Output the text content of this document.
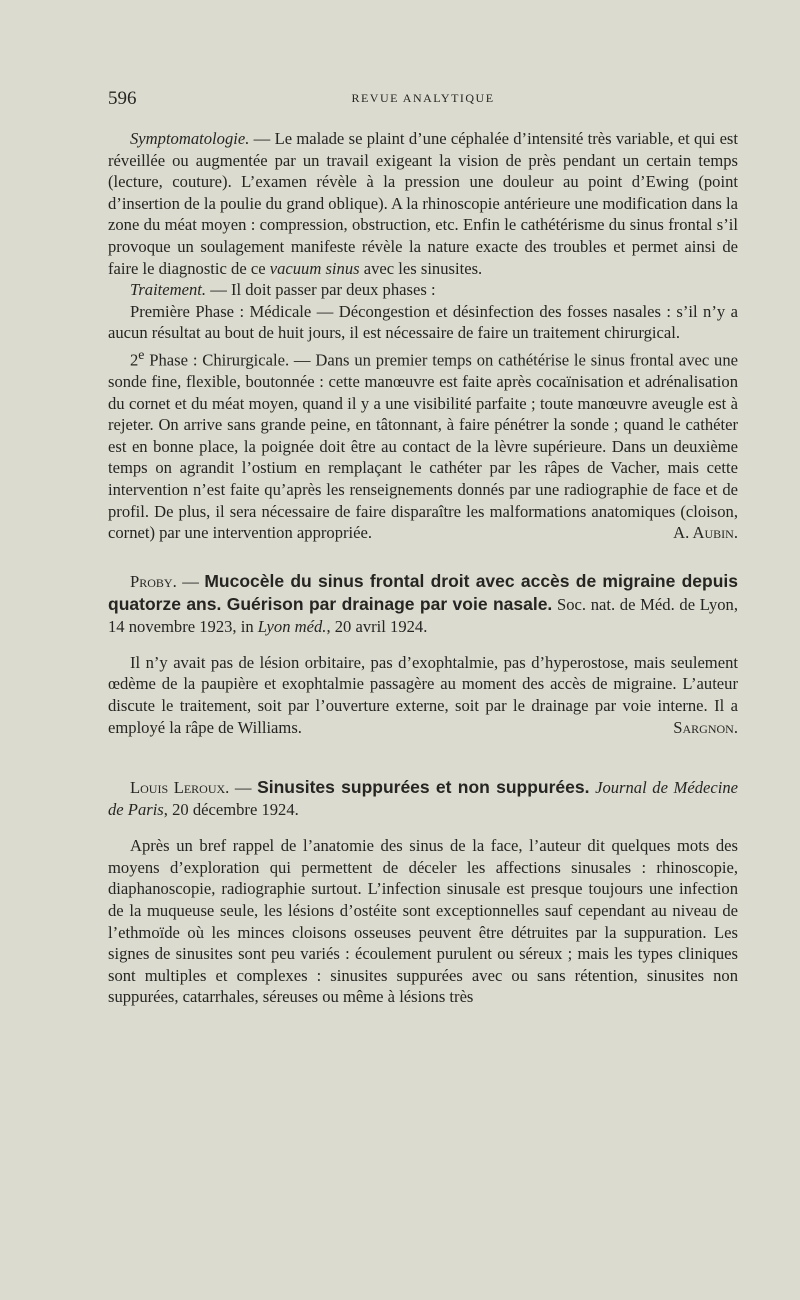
596	REVUE ANALYTIQUE

Symptomatologie. — Le malade se plaint d’une céphalée d’intensité très variable, et qui est réveillée ou augmentée par un travail exigeant la vision de près pendant un certain temps (lecture, couture). L’examen révèle à la pression une douleur au point d’Ewing (point d’insertion de la poulie du grand oblique). A la rhinoscopie antérieure une modification dans la zone du méat moyen : compression, obstruction, etc. Enfin le cathétérisme du sinus frontal s’il provoque un soulagement manifeste révèle la nature exacte des troubles et permet ainsi de faire le diagnostic de ce vacuum sinus avec les sinusites.

Traitement. — Il doit passer par deux phases :

Première Phase : Médicale — Décongestion et désinfection des fosses nasales : s’il n’y a aucun résultat au bout de huit jours, il est nécessaire de faire un traitement chirurgical.

2e Phase : Chirurgicale. — Dans un premier temps on cathétérise le sinus frontal avec une sonde fine, flexible, boutonnée : cette manœuvre est faite après cocaïnisation et adrénalisation du cornet et du méat moyen, quand il y a une visibilité parfaite ; toute manœuvre aveugle est à rejeter. On arrive sans grande peine, en tâtonnant, à faire pénétrer la sonde ; quand le cathéter est en bonne place, la poignée doit être au contact de la lèvre supérieure. Dans un deuxième temps on agrandit l’ostium en remplaçant le cathéter par les râpes de Vacher, mais cette intervention n’est faite qu’après les renseignements donnés par une radiographie de face et de profil. De plus, il sera nécessaire de faire disparaître les malformations anatomiques (cloison, cornet) par une intervention appropriée.	A. Aubin.

Proby. — Mucocèle du sinus frontal droit avec accès de migraine depuis quatorze ans. Guérison par drainage par voie nasale. Soc. nat. de Méd. de Lyon, 14 novembre 1923, in Lyon méd., 20 avril 1924.

Il n’y avait pas de lésion orbitaire, pas d’exophtalmie, pas d’hyperostose, mais seulement œdème de la paupière et exophtalmie passagère au moment des accès de migraine. L’auteur discute le traitement, soit par l’ouverture externe, soit par le drainage par voie interne. Il a employé la râpe de Williams.	Sargnon.

Louis Leroux. — Sinusites suppurées et non suppurées. Journal de Médecine de Paris, 20 décembre 1924.

Après un bref rappel de l’anatomie des sinus de la face, l’auteur dit quelques mots des moyens d’exploration qui permettent de déceler les affections sinusales : rhinoscopie, diaphanoscopie, radiographie surtout. L’infection sinusale est presque toujours une infection de la muqueuse seule, les lésions d’ostéite sont exceptionnelles sauf cependant au niveau de l’ethmoïde où les minces cloisons osseuses peuvent être détruites par la suppuration. Les signes de sinusites sont peu variés : écoulement purulent ou séreux ; mais les types cliniques sont multiples et complexes : sinusites suppurées avec ou sans rétention, sinusites non suppurées, catarrhales, séreuses ou même à lésions très
